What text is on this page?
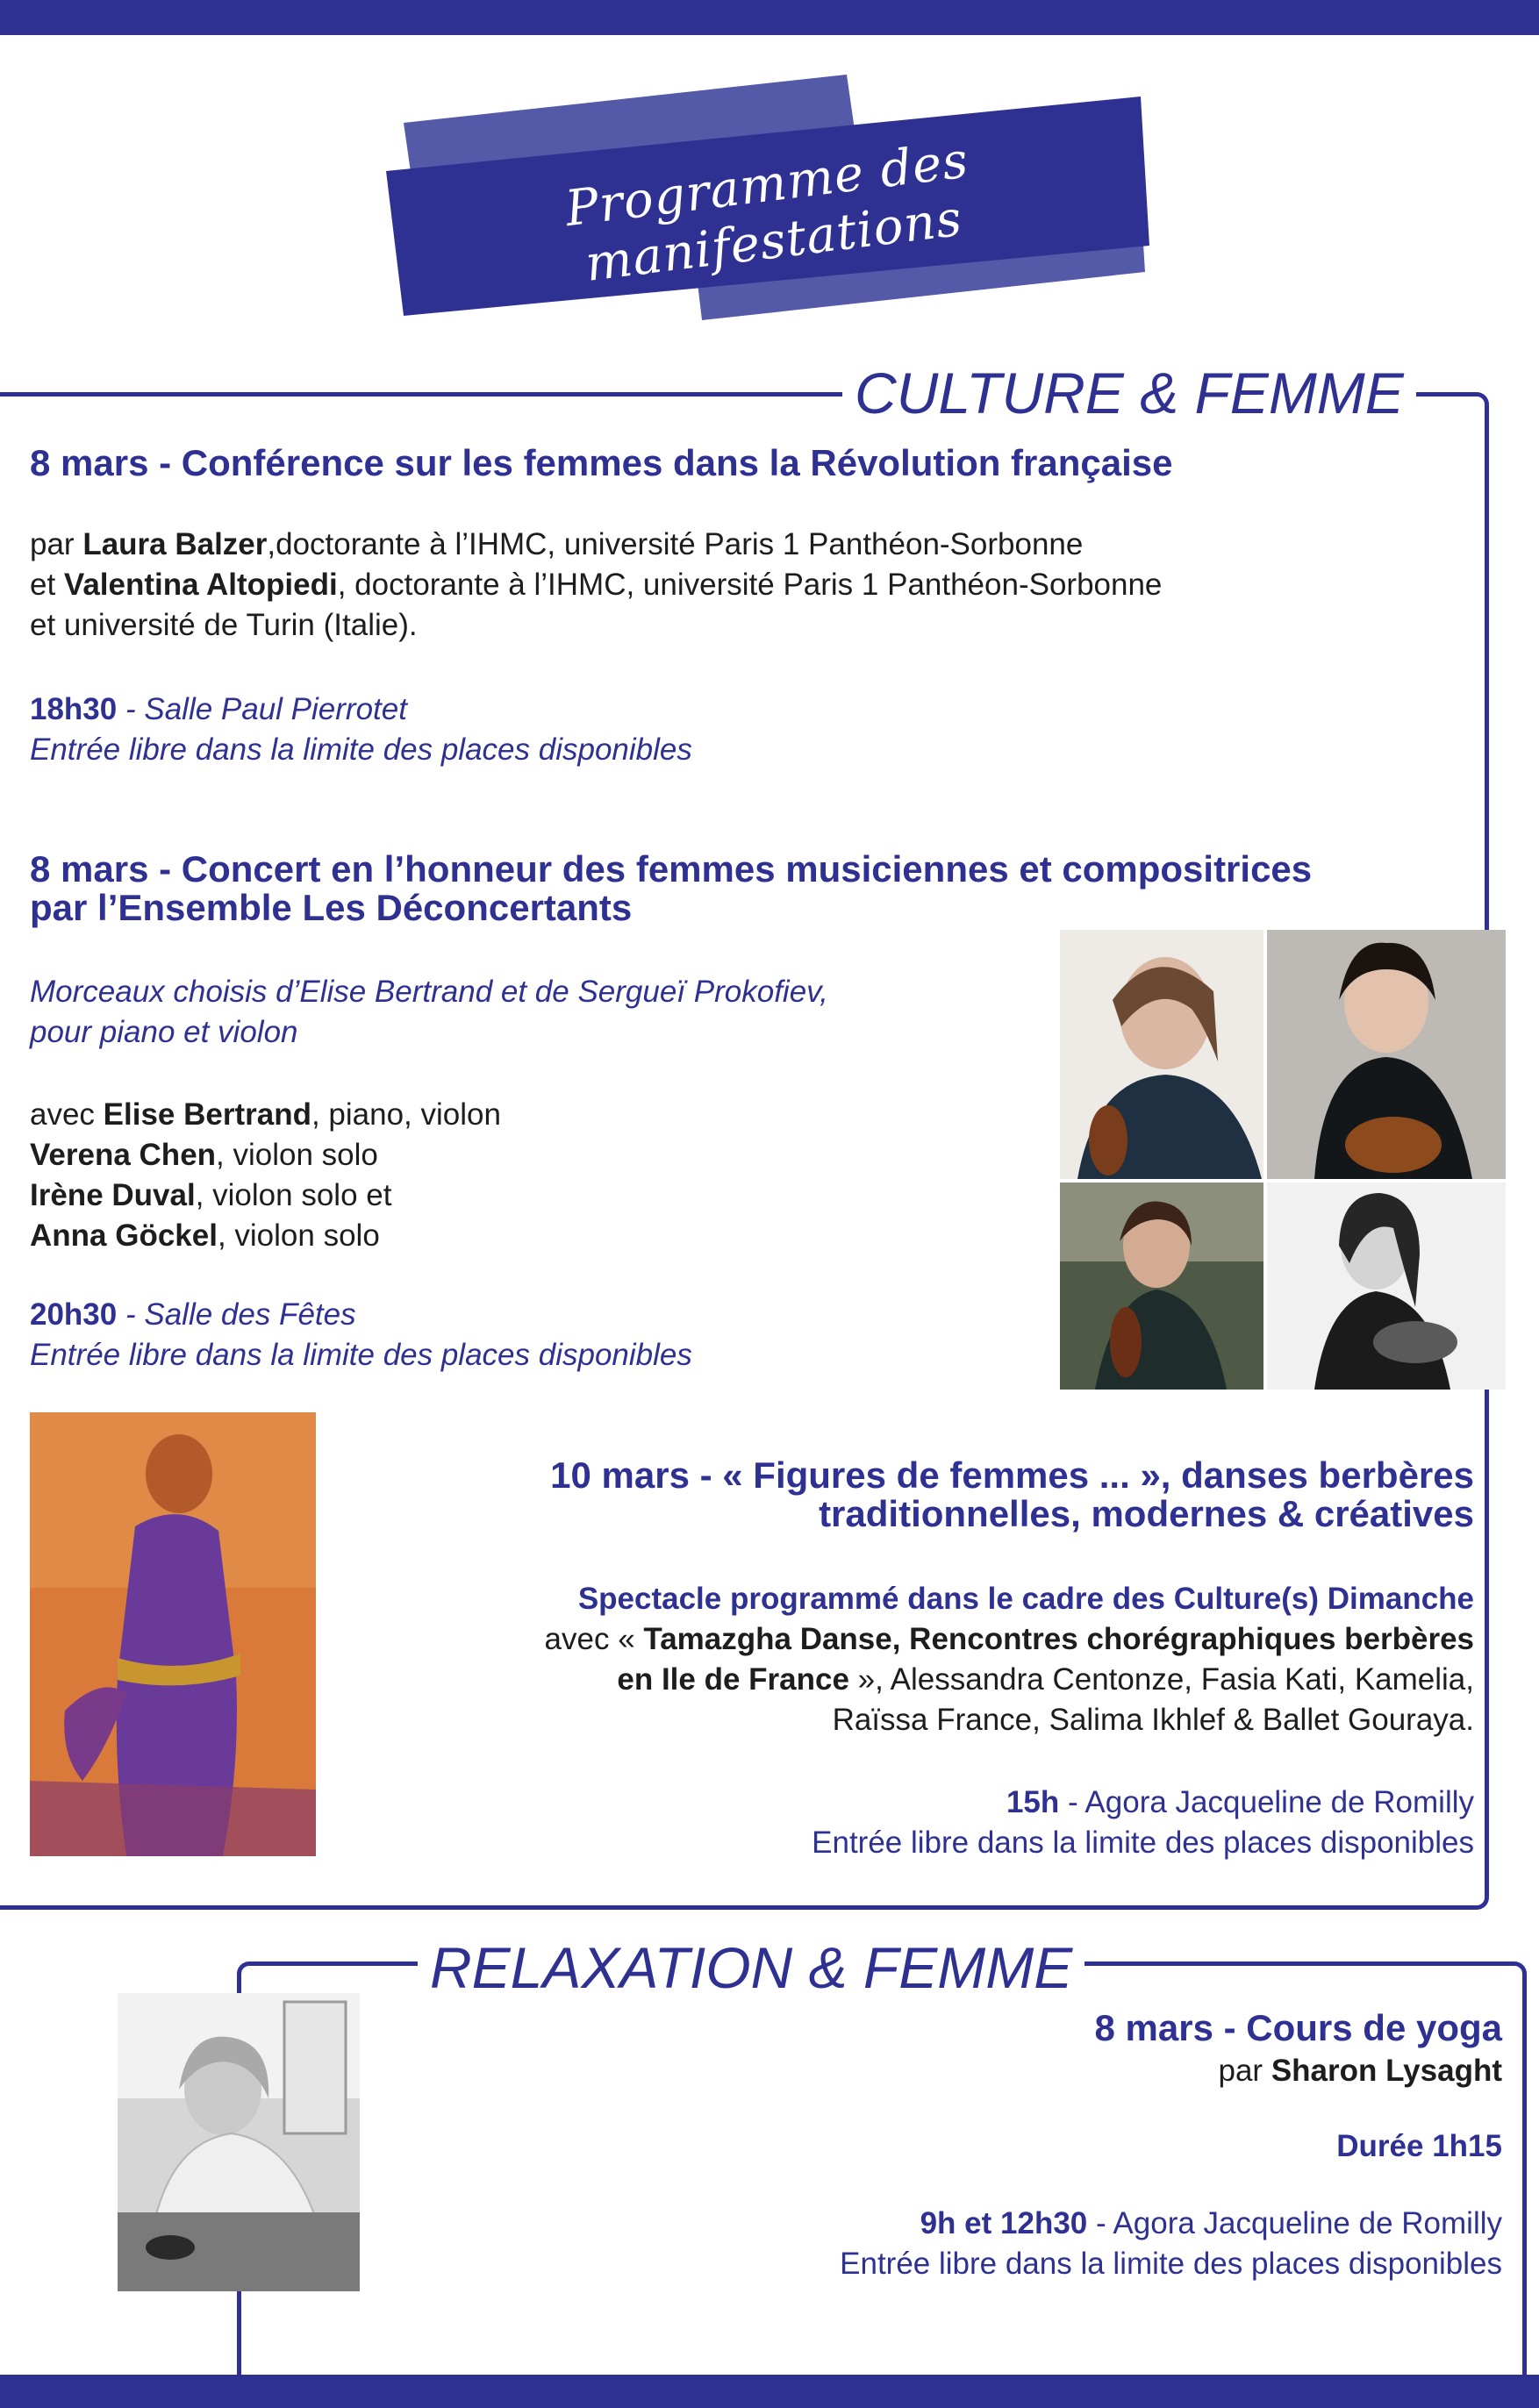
Programme des manifestations
CULTURE & FEMME
8 mars - Conférence sur les femmes dans la Révolution française
par Laura Balzer,doctorante à l’IHMC, université Paris 1 Panthéon-Sorbonne
et Valentina Altopiedi, doctorante à l’IHMC, université Paris 1 Panthéon-Sorbonne
et université de Turin (Italie).
18h30 - Salle Paul Pierrotet
Entrée libre dans la limite des places disponibles
8 mars - Concert en l’honneur des femmes musiciennes et compositrices
par l’Ensemble Les Déconcertants
Morceaux choisis d’Elise Bertrand et de Sergueï Prokofiev,
pour piano et violon
avec Elise Bertrand, piano, violon
Verena Chen, violon solo
Irène Duval, violon solo et
Anna Göckel, violon solo
20h30 - Salle des Fêtes
Entrée libre dans la limite des places disponibles
10 mars - « Figures de femmes ... », danses berbères
traditionnelles, modernes & créatives
Spectacle programmé dans le cadre des Culture(s) Dimanche
avec « Tamazgha Danse, Rencontres chorégraphiques berbères
en Ile de France », Alessandra Centonze, Fasia Kati, Kamelia,
Raïssa France, Salima Ikhlef & Ballet Gouraya.
15h - Agora Jacqueline de Romilly
Entrée libre dans la limite des places disponibles
RELAXATION & FEMME
8 mars - Cours de yoga
par Sharon Lysaght
Durée 1h15
9h et 12h30 - Agora Jacqueline de Romilly
Entrée libre dans la limite des places disponibles
